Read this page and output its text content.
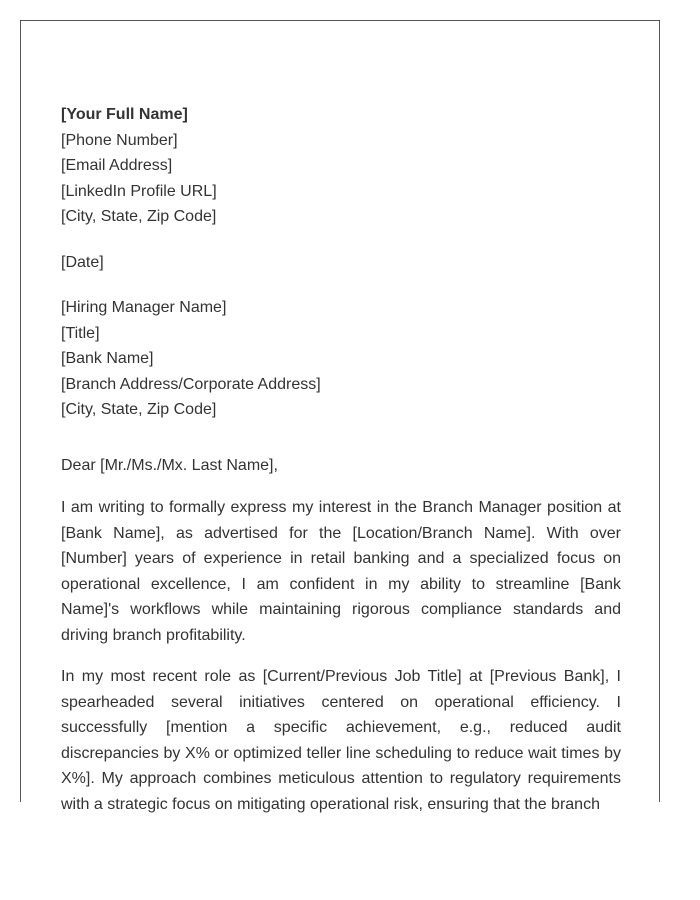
[Your Full Name]
[Phone Number]
[Email Address]
[LinkedIn Profile URL]
[City, State, Zip Code]
[Date]
[Hiring Manager Name]
[Title]
[Bank Name]
[Branch Address/Corporate Address]
[City, State, Zip Code]
Dear [Mr./Ms./Mx. Last Name],

I am writing to formally express my interest in the Branch Manager position at [Bank Name], as advertised for the [Location/Branch Name]. With over [Number] years of experience in retail banking and a specialized focus on operational excellence, I am confident in my ability to streamline [Bank Name]'s workflows while maintaining rigorous compliance standards and driving branch profitability.

In my most recent role as [Current/Previous Job Title] at [Previous Bank], I spearheaded several initiatives centered on operational efficiency. I successfully [mention a specific achievement, e.g., reduced audit discrepancies by X% or optimized teller line scheduling to reduce wait times by X%]. My approach combines meticulous attention to regulatory requirements with a strategic focus on mitigating operational risk, ensuring that the branch
